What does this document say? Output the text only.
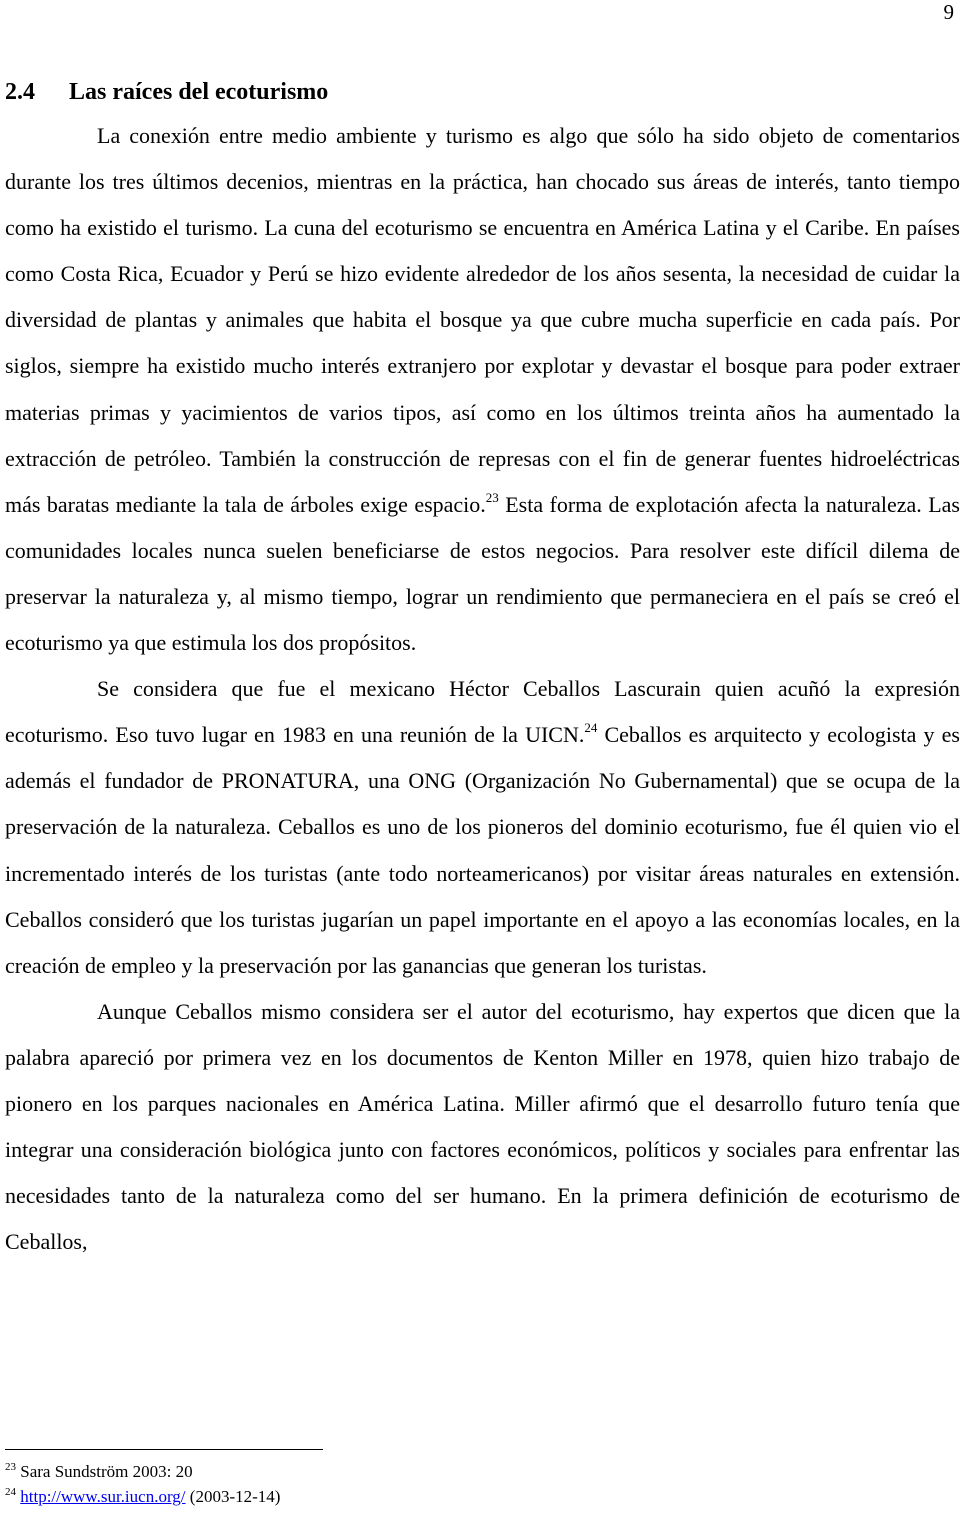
9
2.4 Las raíces del ecoturismo

La conexión entre medio ambiente y turismo es algo que sólo ha sido objeto de comentarios durante los tres últimos decenios, mientras en la práctica, han chocado sus áreas de interés, tanto tiempo como ha existido el turismo. La cuna del ecoturismo se encuentra en América Latina y el Caribe. En países como Costa Rica, Ecuador y Perú se hizo evidente alrededor de los años sesenta, la necesidad de cuidar la diversidad de plantas y animales que habita el bosque ya que cubre mucha superficie en cada país. Por siglos, siempre ha existido mucho interés extranjero por explotar y devastar el bosque para poder extraer materias primas y yacimientos de varios tipos, así como en los últimos treinta años ha aumentado la extracción de petróleo. También la construcción de represas con el fin de generar fuentes hidroeléctricas más baratas mediante la tala de árboles exige espacio.$^{23}$ Esta forma de explotación afecta la naturaleza. Las comunidades locales nunca suelen beneficiarse de estos negocios. Para resolver este difícil dilema de preservar la naturaleza y, al mismo tiempo, lograr un rendimiento que permaneciera en el país se creó el ecoturismo ya que estimula los dos propósitos.

Se considera que fue el mexicano Héctor Ceballos Lascurain quien acuñó la expresión ecoturismo. Eso tuvo lugar en 1983 en una reunión de la UICN.$^{24}$ Ceballos es arquitecto y ecologista y es además el fundador de PRONATURA, una ONG (Organización No Gubernamental) que se ocupa de la preservación de la naturaleza. Ceballos es uno de los pioneros del dominio ecoturismo, fue él quien vio el incrementado interés de los turistas (ante todo norteamericanos) por visitar áreas naturales en extensión. Ceballos consideró que los turistas jugarían un papel importante en el apoyo a las economías locales, en la creación de empleo y la preservación por las ganancias que generan los turistas.

Aunque Ceballos mismo considera ser el autor del ecoturismo, hay expertos que dicen que la palabra apareció por primera vez en los documentos de Kenton Miller en 1978, quien hizo trabajo de pionero en los parques nacionales en América Latina. Miller afirmó que el desarrollo futuro tenía que integrar una consideración biológica junto con factores económicos, políticos y sociales para enfrentar las necesidades tanto de la naturaleza como del ser humano. En la primera definición de ecoturismo de Ceballos,

$^{23}$ Sara Sundström 2003: 20
$^{24}$ http://www.sur.iucn.org/ (2003-12-14)
